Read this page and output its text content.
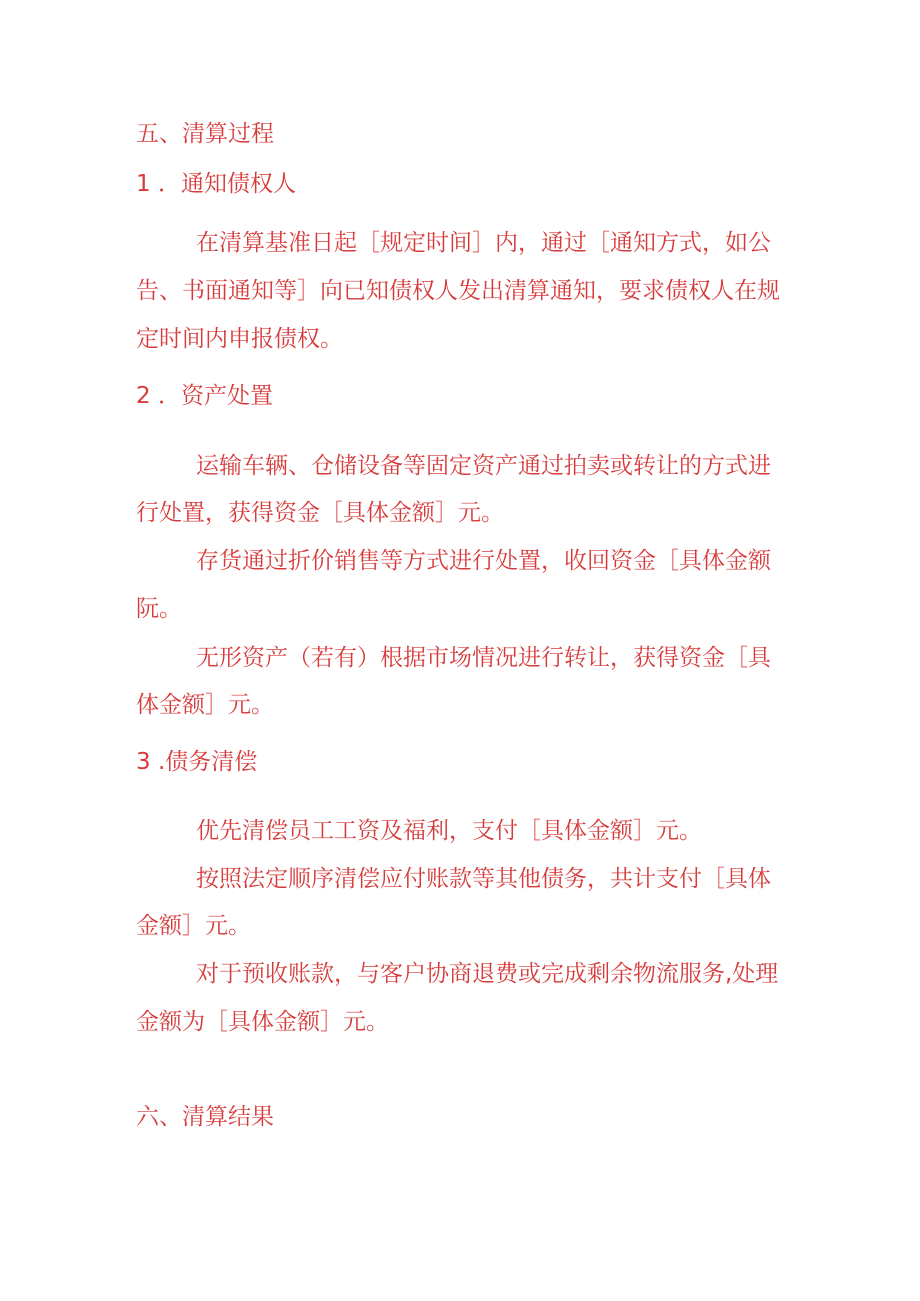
五、清算过程
1 ．通知债权人
在清算基准日起［规定时间］内，通过［通知方式，如公
告、书面通知等］向已知债权人发出清算通知，要求债权人在规
定时间内申报债权。
2 ．资产处置
运输车辆、仓储设备等固定资产通过拍卖或转让的方式进
行处置，获得资金［具体金额］元。
存货通过折价销售等方式进行处置，收回资金［具体金额
阮。
无形资产（若有）根据市场情况进行转让，获得资金［具
体金额］元。
3 .债务清偿
优先清偿员工工资及福利，支付［具体金额］元。
按照法定顺序清偿应付账款等其他债务，共计支付［具体
金额］元。
对于预收账款，与客户协商退费或完成剩余物流服务,处理
金额为［具体金额］元。
六、清算结果
